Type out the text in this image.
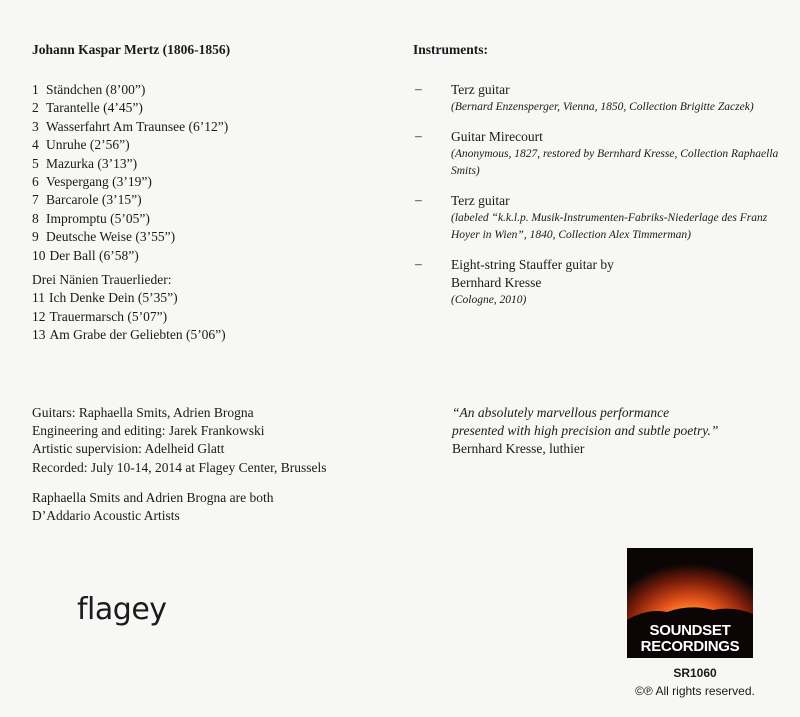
Johann Kaspar Mertz (1806-1856)	Instruments:
1 Ständchen (8’00”)
2 Tarantelle (4’45”)
3 Wasserfahrt Am Traunsee (6’12”)
4 Unruhe (2’56”)
5 Mazurka (3’13”)
6 Vespergang (3’19”)
7 Barcarole (3’15”)
8 Impromptu (5’05”)
9 Deutsche Weise (3’55”)
10 Der Ball (6’58”)
Drei Nänien Trauerlieder:
11 Ich Denke Dein (5’35”)
12 Trauermarsch (5’07”)
13 Am Grabe der Geliebten (5’06”)
– Terz guitar
(Bernard Enzensperger, Vienna, 1850, Collection Brigitte Zaczek)
– Guitar Mirecourt
(Anonymous, 1827, restored by Bernhard Kresse, Collection Raphaella Smits)
– Terz guitar
(labeled “k.k.l.p. Musik-Instrumenten-Fabriks-Niederlage des Franz Hoyer in Wien”, 1840, Collection Alex Timmerman)
– Eight-string Stauffer guitar by Bernhard Kresse
(Cologne, 2010)
Guitars: Raphaella Smits, Adrien Brogna
Engineering and editing: Jarek Frankowski
Artistic supervision: Adelheid Glatt
Recorded: July 10-14, 2014 at Flagey Center, Brussels
Raphaella Smits and Adrien Brogna are both
D’Addario Acoustic Artists
“An absolutely marvellous performance
presented with high precision and subtle poetry.”
Bernhard Kresse, luthier
flagey
SOUNDSET
RECORDINGS
SR1060
©℗ All rights reserved.
